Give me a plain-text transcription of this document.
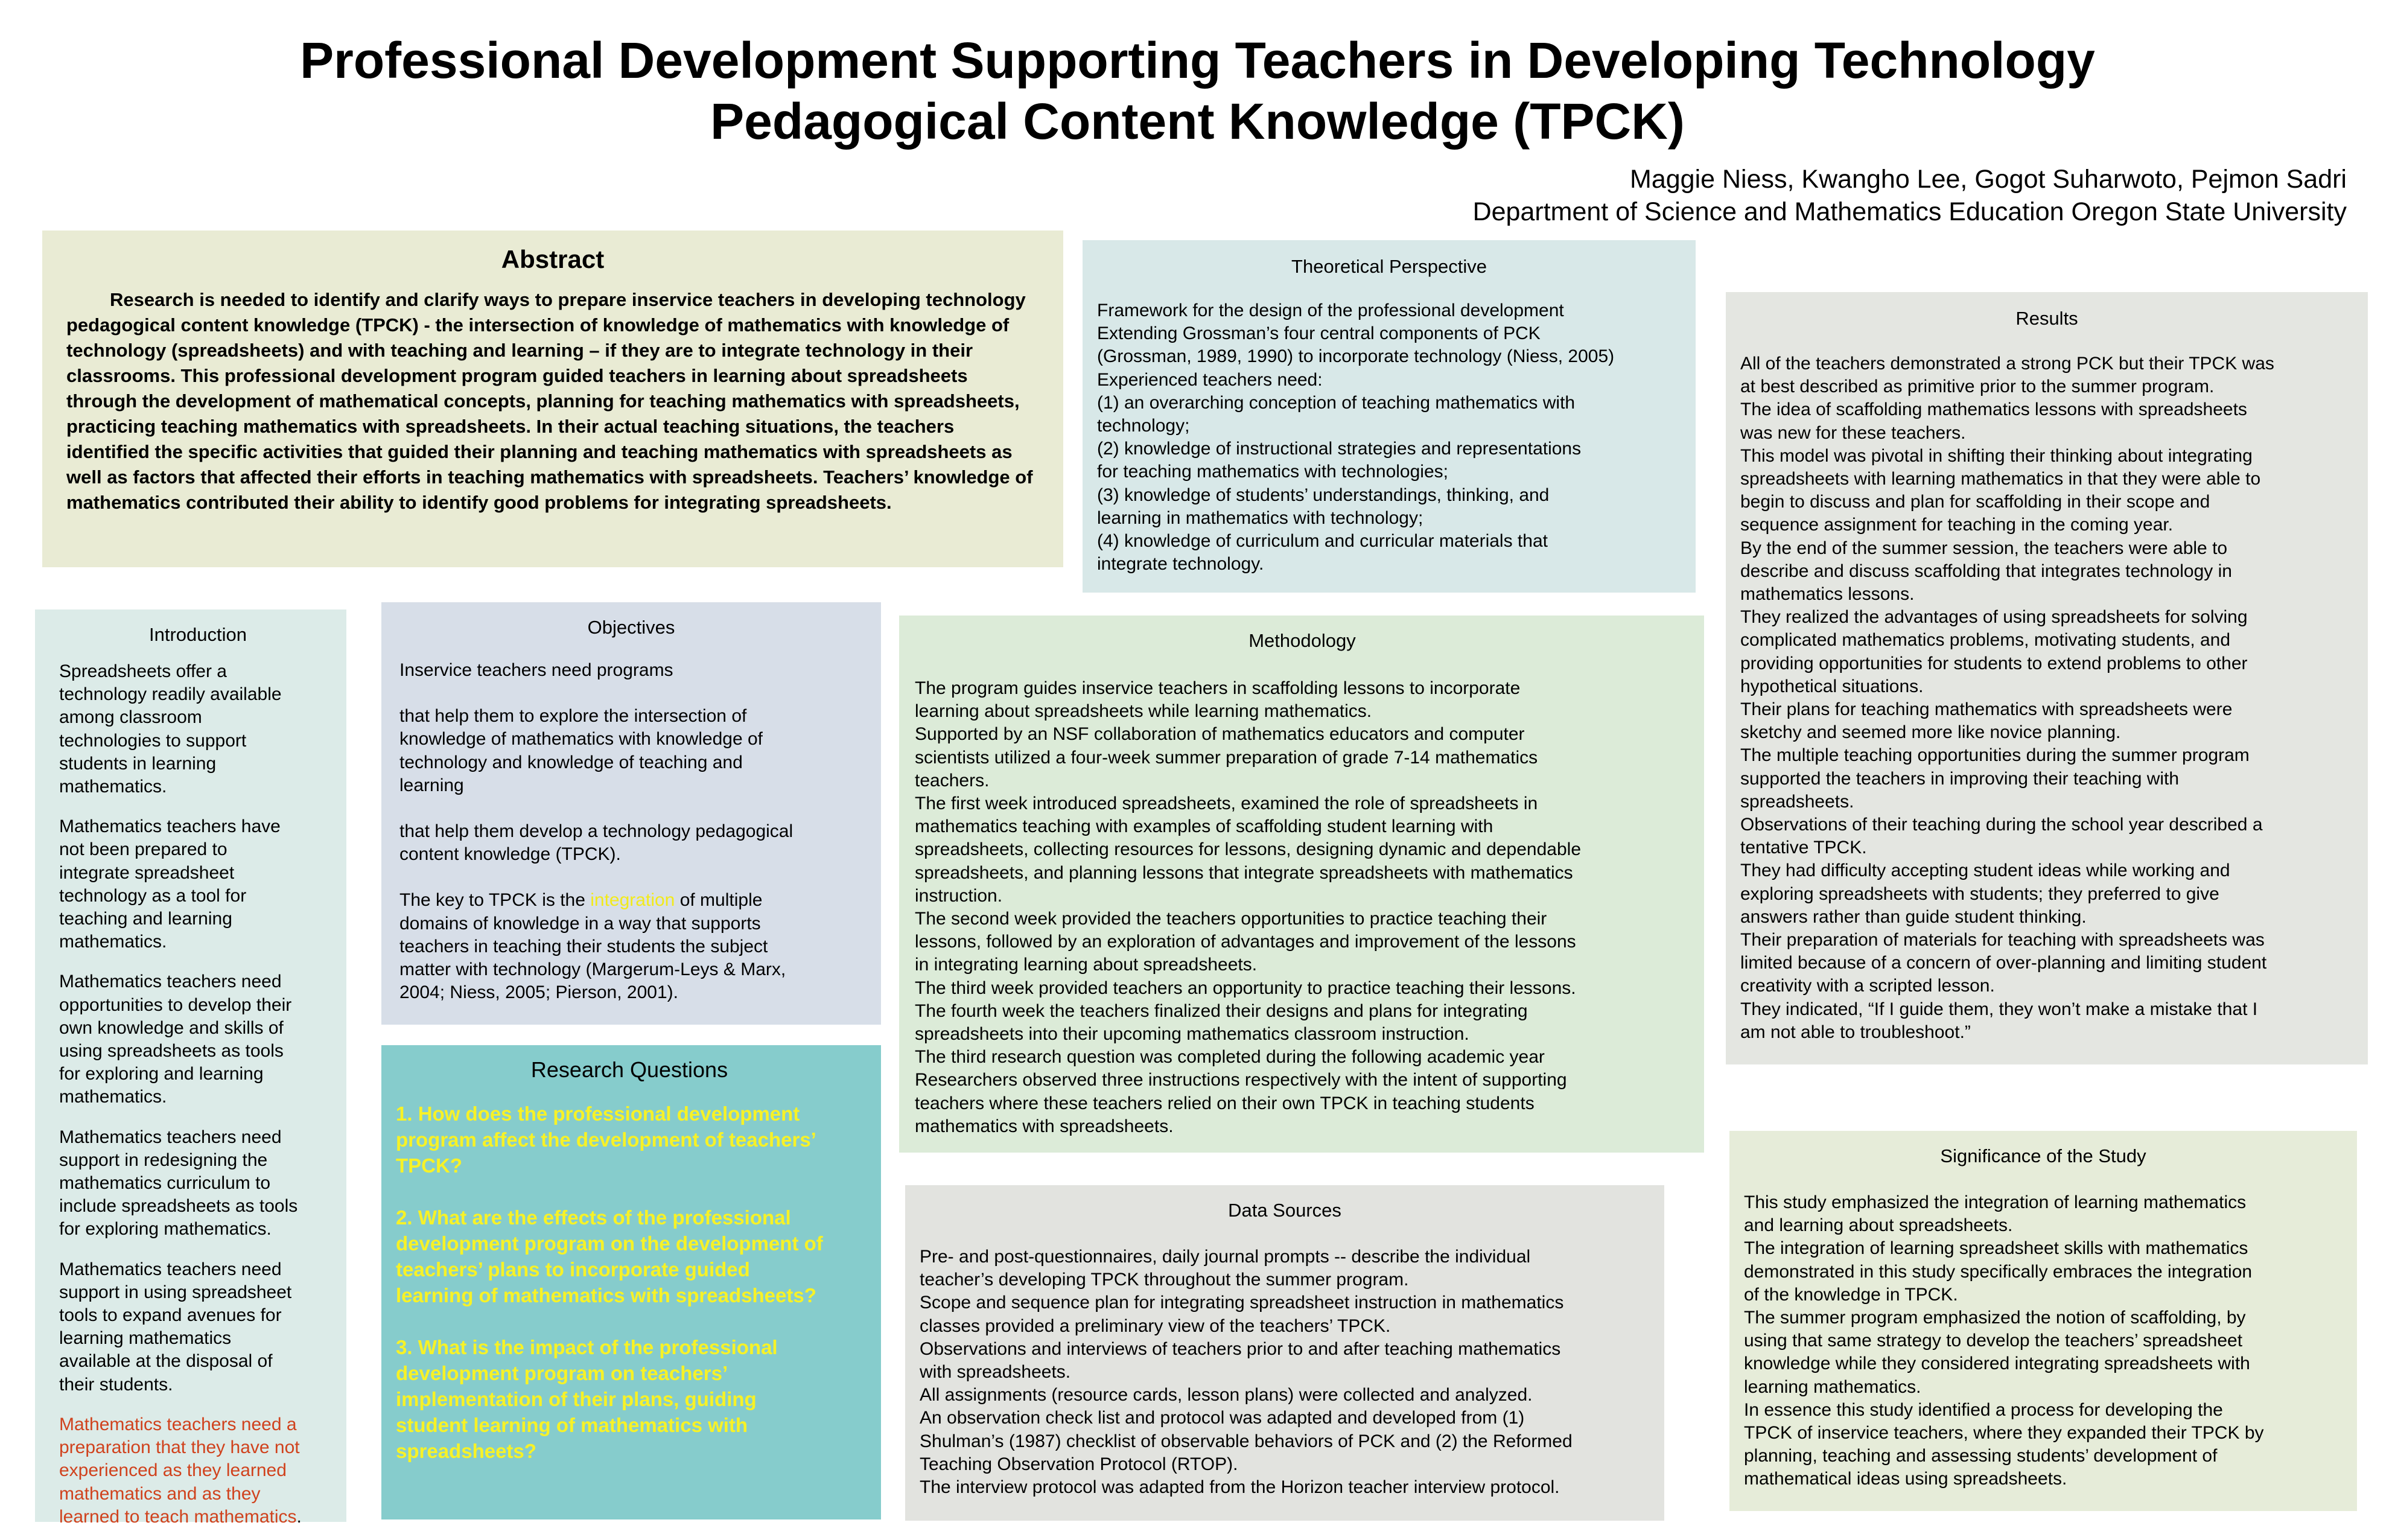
Professional Development Supporting Teachers in Developing Technology
Pedagogical Content Knowledge (TPCK)
Maggie Niess, Kwangho Lee, Gogot Suharwoto, Pejmon Sadri
Department of Science and Mathematics Education Oregon State University
Abstract

Research is needed to identify and clarify ways to prepare inservice teachers in developing technology pedagogical content knowledge (TPCK) - the intersection of knowledge of mathematics with knowledge of technology (spreadsheets) and with teaching and learning – if they are to integrate technology in their classrooms. This professional development program guided teachers in learning about spreadsheets through the development of mathematical concepts, planning for teaching mathematics with spreadsheets, practicing teaching mathematics with spreadsheets. In their actual teaching situations, the teachers identified the specific activities that guided their planning and teaching mathematics with spreadsheets as well as factors that affected their efforts in teaching mathematics with spreadsheets. Teachers’ knowledge of mathematics contributed their ability to identify good problems for integrating spreadsheets.

Theoretical Perspective

Framework for the design of the professional development
Extending Grossman’s four central components of PCK
(Grossman, 1989, 1990) to incorporate technology (Niess, 2005)
Experienced teachers need:
(1) an overarching conception of teaching mathematics with
technology;
(2) knowledge of instructional strategies and representations
for teaching mathematics with technologies;
(3) knowledge of students’ understandings, thinking, and
learning in mathematics with technology;
(4) knowledge of curriculum and curricular materials that
integrate technology.

Results

All of the teachers demonstrated a strong PCK but their TPCK was
at best described as primitive prior to the summer program.
The idea of scaffolding mathematics lessons with spreadsheets
was new for these teachers.
This model was pivotal in shifting their thinking about integrating
spreadsheets with learning mathematics in that they were able to
begin to discuss and plan for scaffolding in their scope and
sequence assignment for teaching in the coming year.
By the end of the summer session, the teachers were able to
describe and discuss scaffolding that integrates technology in
mathematics lessons.
They realized the advantages of using spreadsheets for solving
complicated mathematics problems, motivating students, and
providing opportunities for students to extend problems to other
hypothetical situations.
Their plans for teaching mathematics with spreadsheets were
sketchy and seemed more like novice planning.
The multiple teaching opportunities during the summer program
supported the teachers in improving their teaching with
spreadsheets.
Observations of their teaching during the school year described a
tentative TPCK.
They had difficulty accepting student ideas while working and
exploring spreadsheets with students; they preferred to give
answers rather than guide student thinking.
Their preparation of materials for teaching with spreadsheets was
limited because of a concern of over-planning and limiting student
creativity with a scripted lesson.
They indicated, “If I guide them, they won’t make a mistake that I
am not able to troubleshoot.”

Introduction

Spreadsheets offer a
technology readily available
among classroom
technologies to support
students in learning
mathematics.

Mathematics teachers have
not been prepared to
integrate spreadsheet
technology as a tool for
teaching and learning
mathematics.

Mathematics teachers need
opportunities to develop their
own knowledge and skills of
using spreadsheets as tools
for exploring and learning
mathematics.

Mathematics teachers need
support in redesigning the
mathematics curriculum to
include spreadsheets as tools
for exploring mathematics.

Mathematics teachers need
support in using spreadsheet
tools to expand avenues for
learning mathematics
available at the disposal of
their students.

Mathematics teachers need a
preparation that they have not
experienced as they learned
mathematics and as they
learned to teach mathematics.

Objectives

Inservice teachers need programs

that help them to explore the intersection of
knowledge of mathematics with knowledge of
technology and knowledge of teaching and
learning

that help them develop a technology pedagogical
content knowledge (TPCK).

The key to TPCK is the integration of multiple
domains of knowledge in a way that supports
teachers in teaching their students the subject
matter with technology (Margerum-Leys & Marx,
2004; Niess, 2005; Pierson, 2001).

Research Questions

1. How does the professional development
program affect the development of teachers’
TPCK?

2. What are the effects of the professional
development program on the development of
teachers’ plans to incorporate guided
learning of mathematics with spreadsheets?

3. What is the impact of the professional
development program on teachers’
implementation of their plans, guiding
student learning of mathematics with
spreadsheets?

Methodology

The program guides inservice teachers in scaffolding lessons to incorporate
learning about spreadsheets while learning mathematics.
Supported by an NSF collaboration of mathematics educators and computer
scientists utilized a four-week summer preparation of grade 7-14 mathematics
teachers.
The first week introduced spreadsheets, examined the role of spreadsheets in
mathematics teaching with examples of scaffolding student learning with
spreadsheets, collecting resources for lessons, designing dynamic and dependable
spreadsheets, and planning lessons that integrate spreadsheets with mathematics
instruction.
The second week provided the teachers opportunities to practice teaching their
lessons, followed by an exploration of advantages and improvement of the lessons
in integrating learning about spreadsheets.
The third week provided teachers an opportunity to practice teaching their lessons.
The fourth week the teachers finalized their designs and plans for integrating
spreadsheets into their upcoming mathematics classroom instruction.
The third research question was completed during the following academic year
Researchers observed three instructions respectively with the intent of supporting
teachers where these teachers relied on their own TPCK in teaching students
mathematics with spreadsheets.

Data Sources

Pre- and post-questionnaires, daily journal prompts -- describe the individual
teacher’s developing TPCK throughout the summer program.
Scope and sequence plan for integrating spreadsheet instruction in mathematics
classes provided a preliminary view of the teachers’ TPCK.
Observations and interviews of teachers prior to and after teaching mathematics
with spreadsheets.
All assignments (resource cards, lesson plans) were collected and analyzed.
An observation check list and protocol was adapted and developed from (1)
Shulman’s (1987) checklist of observable behaviors of PCK and (2) the Reformed
Teaching Observation Protocol (RTOP).
The interview protocol was adapted from the Horizon teacher interview protocol.

Significance of the Study

This study emphasized the integration of learning mathematics
and learning about spreadsheets.
The integration of learning spreadsheet skills with mathematics
demonstrated in this study specifically embraces the integration
of the knowledge in TPCK.
The summer program emphasized the notion of scaffolding, by
using that same strategy to develop the teachers’ spreadsheet
knowledge while they considered integrating spreadsheets with
learning mathematics.
In essence this study identified a process for developing the
TPCK of inservice teachers, where they expanded their TPCK by
planning, teaching and assessing students’ development of
mathematical ideas using spreadsheets.
